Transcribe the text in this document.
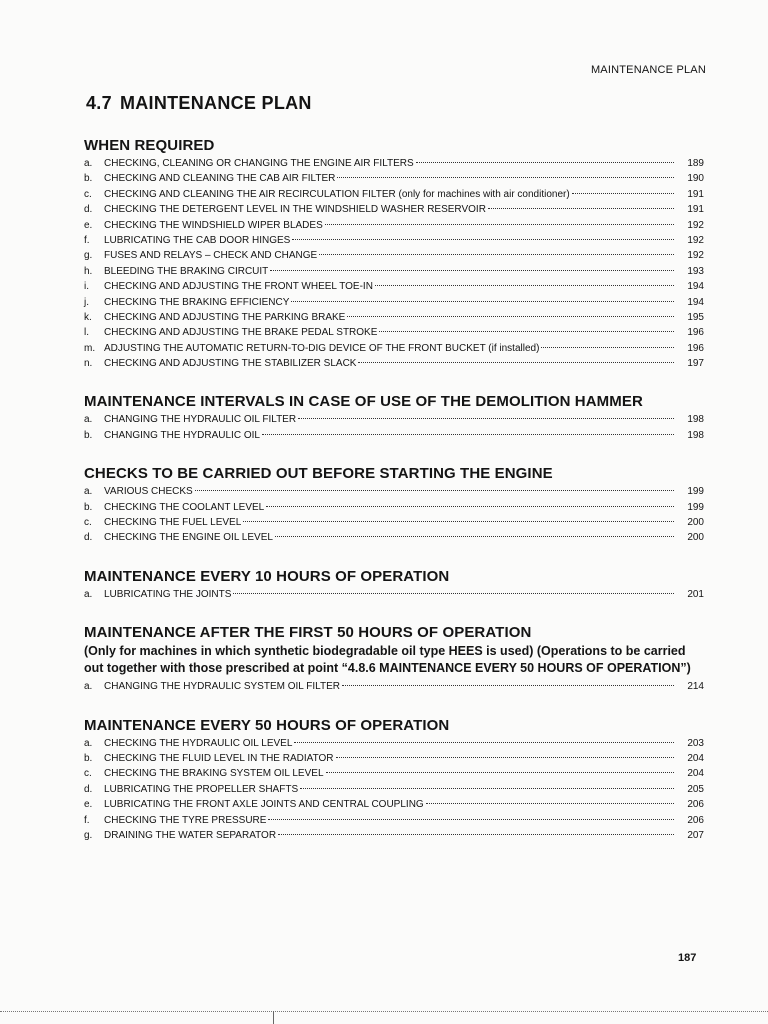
MAINTENANCE PLAN
4.7 MAINTENANCE PLAN
WHEN REQUIRED
a.	CHECKING, CLEANING OR CHANGING THE ENGINE AIR FILTERS	189
b.	CHECKING AND CLEANING THE CAB AIR FILTER	190
c.	CHECKING AND CLEANING THE AIR RECIRCULATION FILTER (only for machines with air conditioner)	191
d.	CHECKING THE DETERGENT LEVEL IN THE WINDSHIELD WASHER RESERVOIR	191
e.	CHECKING THE WINDSHIELD WIPER BLADES	192
f.	LUBRICATING THE CAB DOOR HINGES	192
g.	FUSES AND RELAYS – CHECK AND CHANGE	192
h.	BLEEDING THE BRAKING CIRCUIT	193
i.	CHECKING AND ADJUSTING THE FRONT WHEEL TOE-IN	194
j.	CHECKING THE BRAKING EFFICIENCY	194
k.	CHECKING AND ADJUSTING THE PARKING BRAKE	195
l.	CHECKING AND ADJUSTING THE BRAKE PEDAL STROKE	196
m. ADJUSTING THE AUTOMATIC RETURN-TO-DIG DEVICE OF THE FRONT BUCKET (if installed)	196
n.	CHECKING AND ADJUSTING THE STABILIZER SLACK	197
MAINTENANCE INTERVALS IN CASE OF USE OF THE DEMOLITION HAMMER
a.	CHANGING THE HYDRAULIC OIL FILTER	198
b.	CHANGING THE HYDRAULIC OIL	198
CHECKS TO BE CARRIED OUT BEFORE STARTING THE ENGINE
a.	VARIOUS CHECKS	199
b.	CHECKING THE COOLANT LEVEL	199
c.	CHECKING THE FUEL LEVEL	200
d.	CHECKING THE ENGINE OIL LEVEL	200
MAINTENANCE EVERY 10 HOURS OF OPERATION
a.	LUBRICATING THE JOINTS	201
MAINTENANCE AFTER THE FIRST 50 HOURS OF OPERATION
(Only for machines in which synthetic biodegradable oil type HEES is used) (Operations to be carried out together with those prescribed at point “4.8.6 MAINTENANCE EVERY 50 HOURS OF OPERATION”)
a.	CHANGING THE HYDRAULIC SYSTEM OIL FILTER	214
MAINTENANCE EVERY 50 HOURS OF OPERATION
a.	CHECKING THE HYDRAULIC OIL LEVEL	203
b.	CHECKING THE FLUID LEVEL IN THE RADIATOR	204
c.	CHECKING THE BRAKING SYSTEM OIL LEVEL	204
d.	LUBRICATING THE PROPELLER SHAFTS	205
e.	LUBRICATING THE FRONT AXLE JOINTS AND CENTRAL COUPLING	206
f.	CHECKING THE TYRE PRESSURE	206
g.	DRAINING THE WATER SEPARATOR	207
187
